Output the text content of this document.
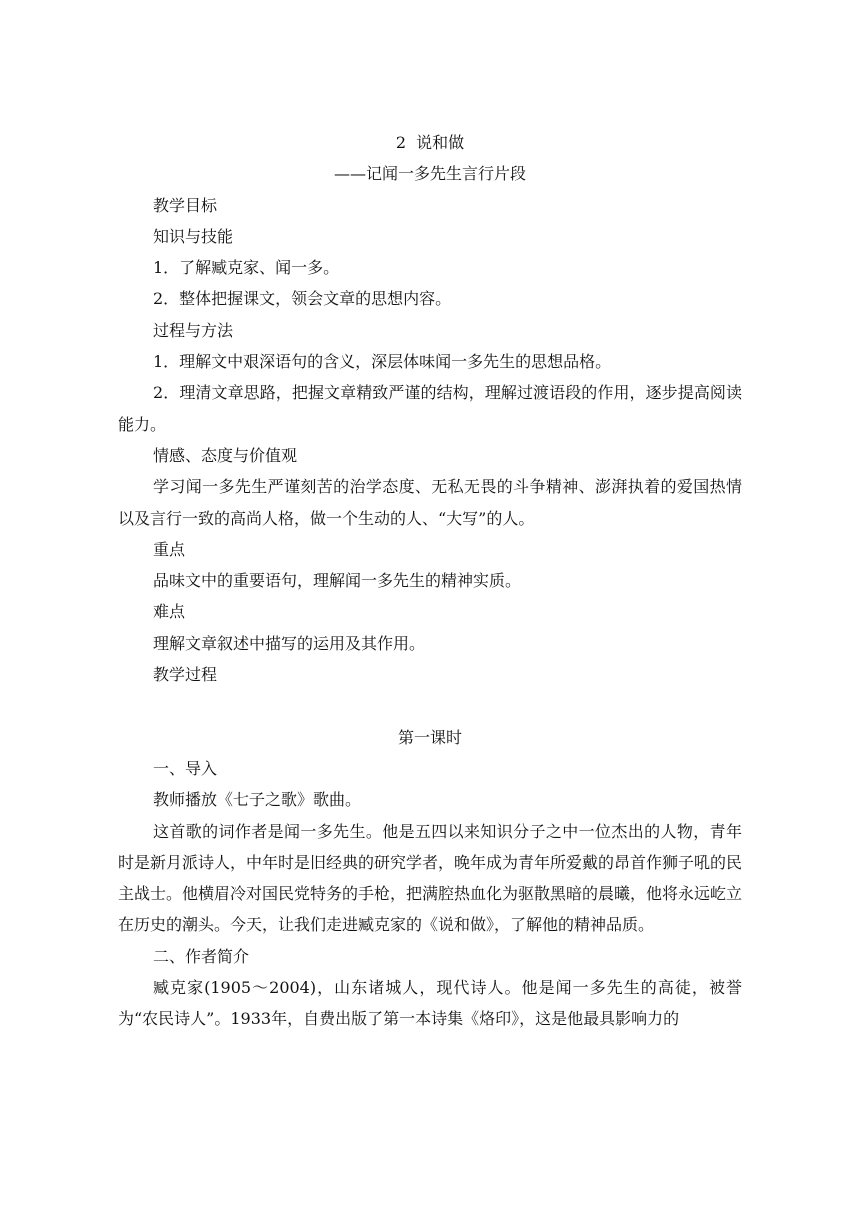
2  说和做
——记闻一多先生言行片段
教学目标
知识与技能
1．了解臧克家、闻一多。
2．整体把握课文，领会文章的思想内容。
过程与方法
1．理解文中艰深语句的含义，深层体味闻一多先生的思想品格。

2．理清文章思路，把握文章精致严谨的结构，理解过渡语段的作用，逐步提高阅读能力。

情感、态度与价值观

学习闻一多先生严谨刻苦的治学态度、无私无畏的斗争精神、澎湃执着的爱国热情以及言行一致的高尚人格，做一个生动的人、“大写”的人。

重点
品味文中的重要语句，理解闻一多先生的精神实质。
难点
理解文章叙述中描写的运用及其作用。
教学过程
第一课时
一、导入
教师播放《七子之歌》歌曲。

这首歌的词作者是闻一多先生。他是五四以来知识分子之中一位杰出的人物，青年时是新月派诗人，中年时是旧经典的研究学者，晚年成为青年所爱戴的昂首作狮子吼的民主战士。他横眉冷对国民党特务的手枪，把满腔热血化为驱散黑暗的晨曦，他将永远屹立在历史的潮头。今天，让我们走进臧克家的《说和做》，了解他的精神品质。

二、作者简介

臧克家(1905～2004)，山东诸城人，现代诗人。他是闻一多先生的高徒，被誉为“农民诗人”。1933年，自费出版了第一本诗集《烙印》，这是他最具影响力的
